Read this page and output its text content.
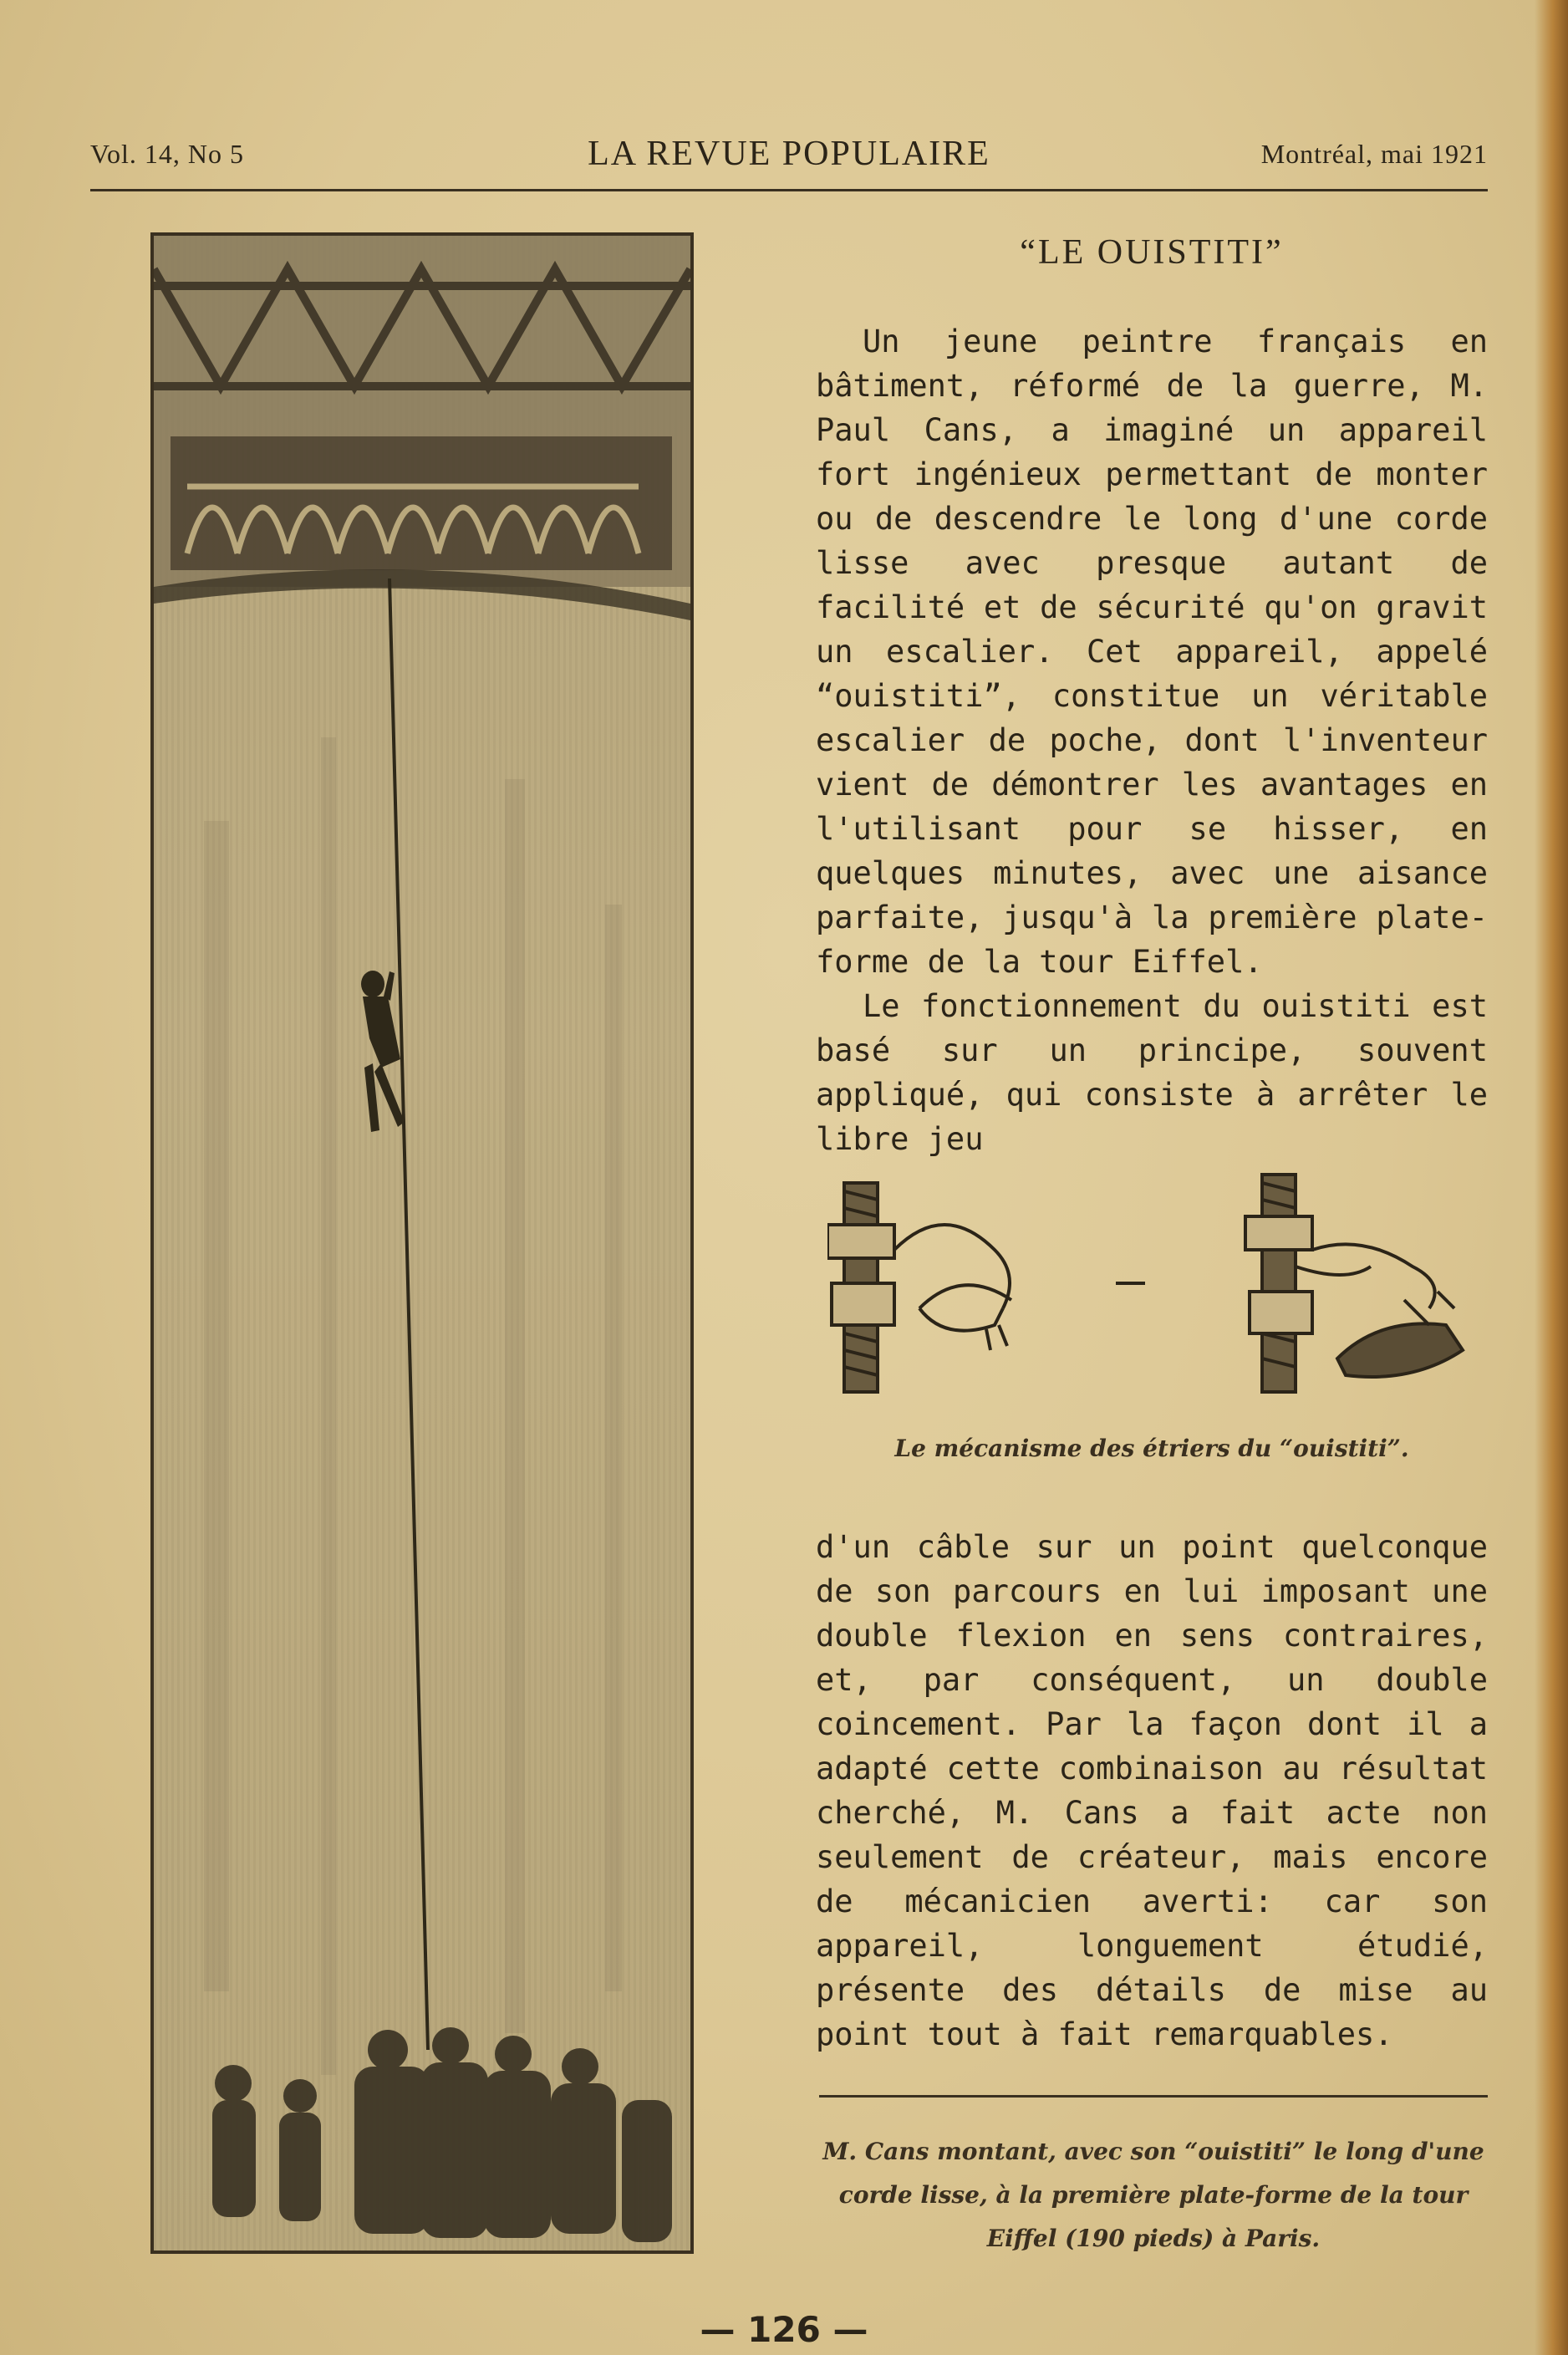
Vol. 14, No 5	LA REVUE POPULAIRE	Montréal, mai 1921
“LE OUISTITI”

Un jeune peintre français en bâtiment, réformé de la guerre, M. Paul Cans, a imaginé un appareil fort ingénieux permettant de monter ou de descendre le long d'une corde lisse avec presque autant de facilité et de sécurité qu'on gravit un escalier. Cet appareil, appelé “ouistiti”, constitue un véritable escalier de poche, dont l'inventeur vient de démontrer les avantages en l'utilisant pour se hisser, en quelques minutes, avec une aisance parfaite, jusqu'à la première plate-forme de la tour Eiffel.

Le fonctionnement du ouistiti est basé sur un principe, souvent appliqué, qui consiste à arrêter le libre jeu

Le mécanisme des étriers du “ouistiti”.

d'un câble sur un point quelconque de son parcours en lui imposant une double flexion en sens contraires, et, par conséquent, un double coincement. Par la façon dont il a adapté cette combinaison au résultat cherché, M. Cans a fait acte non seulement de créateur, mais encore de mécanicien averti: car son appareil, longuement étudié, présente des détails de mise au point tout à fait remarquables.

M. Cans montant, avec son “ouistiti” le long d'une corde lisse, à la première plate-forme de la tour Eiffel (190 pieds) à Paris.
— 126 —
